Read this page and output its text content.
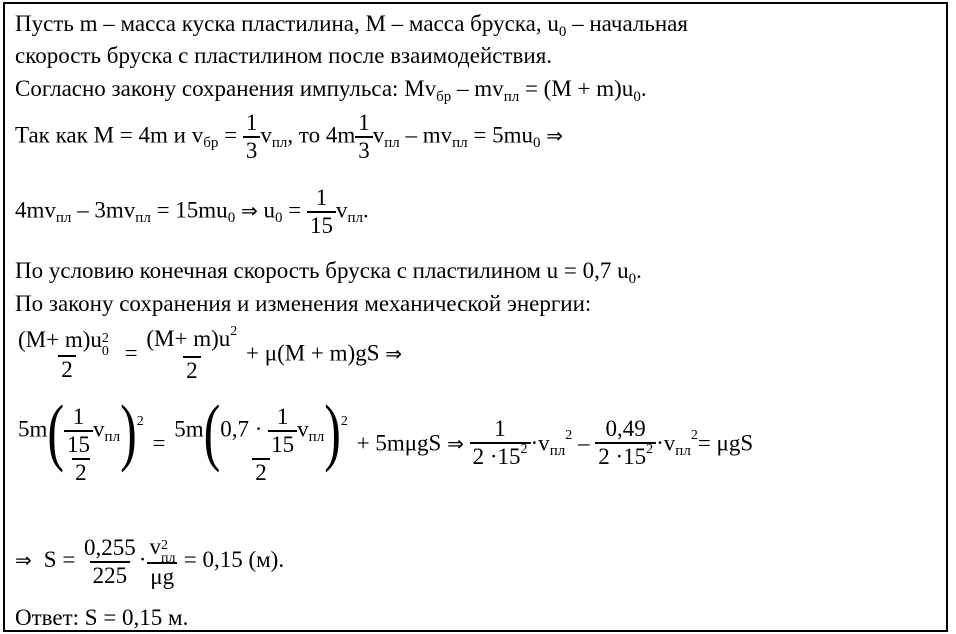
Пусть m – масса куска пластилина, M – масса бруска, $u_0$ – начальная
скорость бруска с пластилином после взаимодействия.
Согласно закону сохранения импульса: $Mv_{бр} - mv_{пл} = (M + m)u_0$.
Так как M = 4m и $v_{бр} = \frac{1}{3} v_{пл}$, то $4m \frac{1}{3} v_{пл} - mv_{пл} = 5mu_0$ ⇒
$4mv_{пл} - 3mv_{пл} = 15mu_0$ ⇒ $u_0 = \frac{1}{15} v_{пл}$.
По условию конечная скорость бруска с пластилином u = 0,7 $u_0$.
По закону сохранения и изменения механической энергии:
(M+ m)u 2
0
$2 = \frac{(M+ m)u^2}{2} + \mu(M + m)gS$ ⇒
$\frac{5m( \frac{1}{15} v_{пл})^2}{2} = \frac{5m(0,7 \cdot \frac{1}{15} v_{пл})^2}{2} + 5m\mu gS$ ⇒ $\frac{1}{2 \cdot 15^2} \cdot v_{пл}^2 - \frac{0,49}{2 \cdot 15^2} \cdot v_{пл}^2= \mu gS$
⇒ $S = \frac{0,255}{225} \cdot v$ 2
пл
μg = 0,15 (м).
Ответ: S = 0,15 м.
